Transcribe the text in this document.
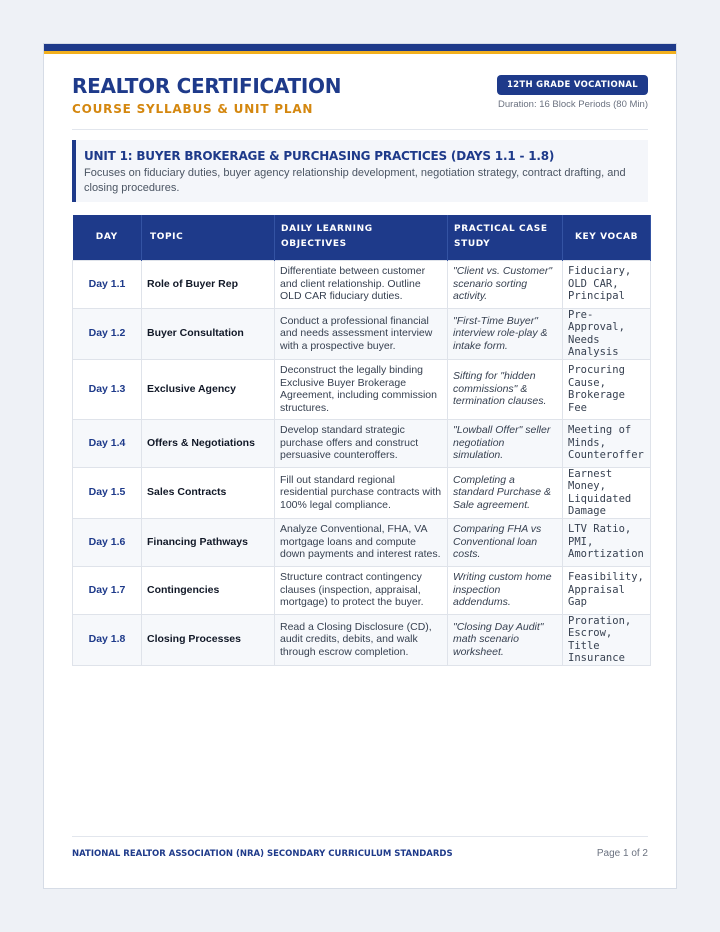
REALTOR CERTIFICATION
COURSE SYLLABUS & UNIT PLAN
12TH GRADE VOCATIONAL
Duration: 16 Block Periods (80 Min)
UNIT 1: BUYER BROKERAGE & PURCHASING PRACTICES (DAYS 1.1 - 1.8)
Focuses on fiduciary duties, buyer agency relationship development, negotiation strategy, contract drafting, and closing procedures.
DAY	TOPIC	DAILY LEARNING OBJECTIVES	PRACTICAL CASE STUDY	KEY VOCAB
Day 1.1	Role of Buyer Rep	Differentiate between customer and client relationship. Outline OLD CAR fiduciary duties.	"Client vs. Customer" scenario sorting activity.	Fiduciary, OLD CAR, Principal
Day 1.2	Buyer Consultation	Conduct a professional financial and needs assessment interview with a prospective buyer.	"First-Time Buyer" interview role-play & intake form.	Pre-Approval, Needs Analysis
Day 1.3	Exclusive Agency	Deconstruct the legally binding Exclusive Buyer Brokerage Agreement, including commission structures.	Sifting for "hidden commissions" & termination clauses.	Procuring Cause, Brokerage Fee
Day 1.4	Offers & Negotiations	Develop standard strategic purchase offers and construct persuasive counteroffers.	"Lowball Offer" seller negotiation simulation.	Meeting of Minds, Counteroffer
Day 1.5	Sales Contracts	Fill out standard regional residential purchase contracts with 100% legal compliance.	Completing a standard Purchase & Sale agreement.	Earnest Money, Liquidated Damage
Day 1.6	Financing Pathways	Analyze Conventional, FHA, VA mortgage loans and compute down payments and interest rates.	Comparing FHA vs Conventional loan costs.	LTV Ratio, PMI, Amortization
Day 1.7	Contingencies	Structure contract contingency clauses (inspection, appraisal, mortgage) to protect the buyer.	Writing custom home inspection addendums.	Feasibility, Appraisal Gap
Day 1.8	Closing Processes	Read a Closing Disclosure (CD), audit credits, debits, and walk through escrow completion.	"Closing Day Audit" math scenario worksheet.	Proration, Escrow, Title Insurance
NATIONAL REALTOR ASSOCIATION (NRA) SECONDARY CURRICULUM STANDARDS	Page 1 of 2
